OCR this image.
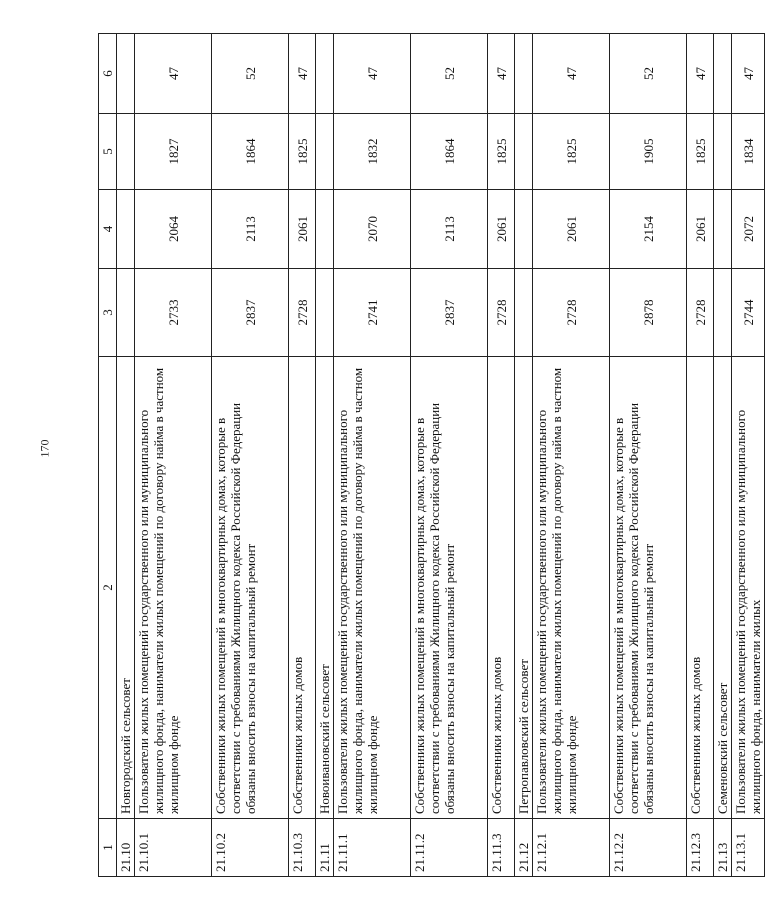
170
1	2	3	4	5	6
21.10	Новгородский сельсовет				
21.10.1	Пользователи жилых помещений государственного или муниципального жилищного фонда, наниматели жилых помещений по договору найма в частном жилищном фонде	2733	2064	1827	47
21.10.2	Собственники жилых помещений в многоквартирных домах, которые в соответствии с требованиями Жилищного кодекса Российской Федерации обязаны вносить взносы на капитальный ремонт	2837	2113	1864	52
21.10.3	Собственники жилых домов	2728	2061	1825	47
21.11	Новоивановский сельсовет				
21.11.1	Пользователи жилых помещений государственного или муниципального жилищного фонда, наниматели жилых помещений по договору найма в частном жилищном фонде	2741	2070	1832	47
21.11.2	Собственники жилых помещений в многоквартирных домах, которые в соответствии с требованиями Жилищного кодекса Российской Федерации обязаны вносить взносы на капитальный ремонт	2837	2113	1864	52
21.11.3	Собственники жилых домов	2728	2061	1825	47
21.12	Петропавловский сельсовет				
21.12.1	Пользователи жилых помещений государственного или муниципального жилищного фонда, наниматели жилых помещений по договору найма в частном жилищном фонде	2728	2061	1825	47
21.12.2	Собственники жилых помещений в многоквартирных домах, которые в соответствии с требованиями Жилищного кодекса Российской Федерации обязаны вносить взносы на капитальный ремонт	2878	2154	1905	52
21.12.3	Собственники жилых домов	2728	2061	1825	47
21.13	Семеновский сельсовет				
21.13.1	Пользователи жилых помещений государственного или муниципального жилищного фонда, наниматели жилых	2744	2072	1834	47
